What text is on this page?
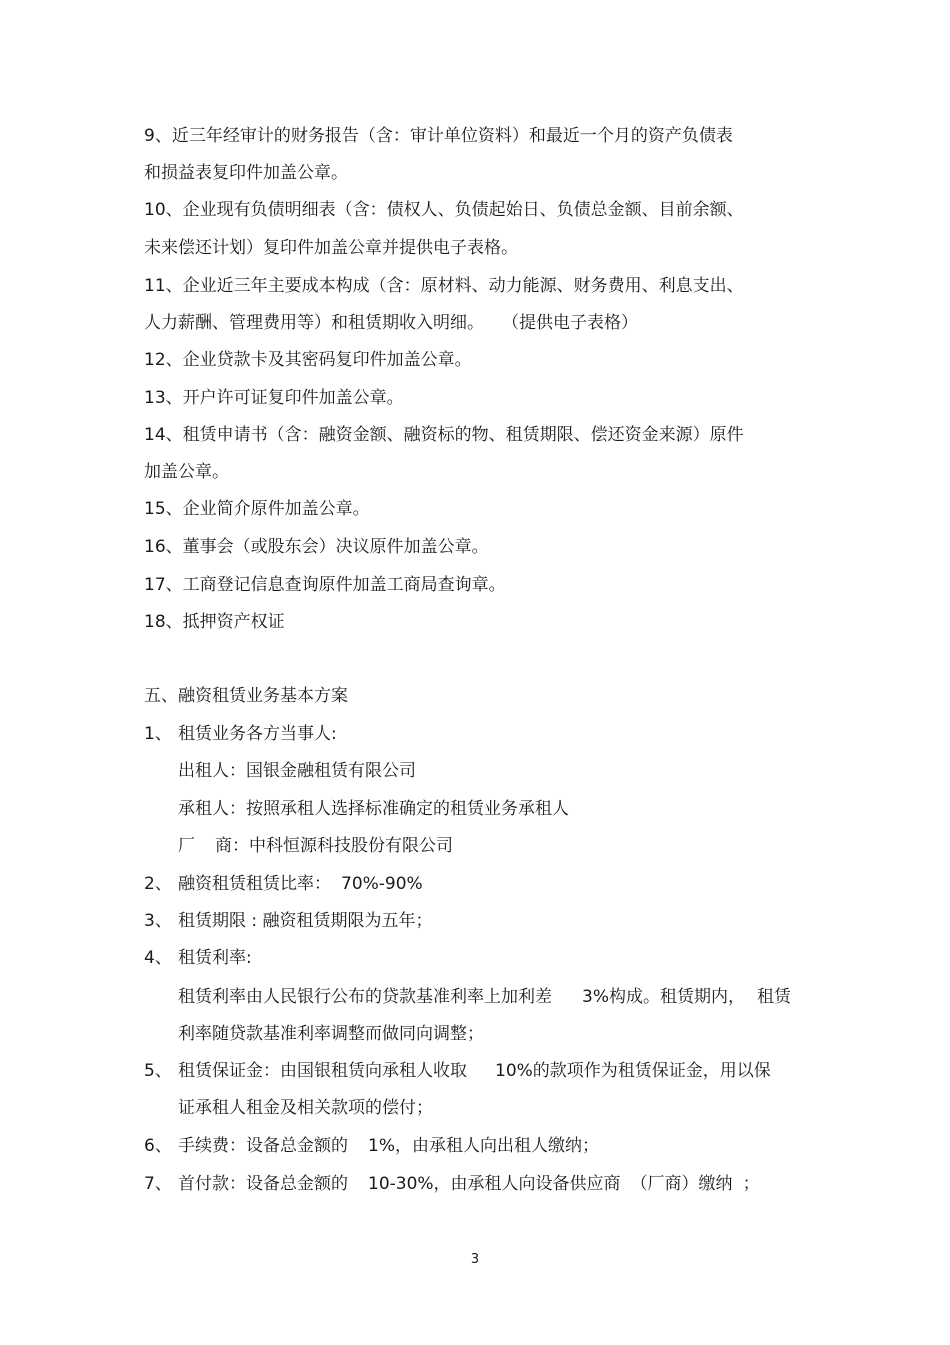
9、近三年经审计的财务报告（含：审计单位资料）和最近一个月的资产负债表
和损益表复印件加盖公章。
10、企业现有负债明细表（含：债权人、负债起始日、负债总金额、目前余额、
未来偿还计划）复印件加盖公章并提供电子表格。
11、企业近三年主要成本构成（含：原材料、动力能源、财务费用、利息支出、
人力薪酬、管理费用等）和租赁期收入明细。 （提供电子表格）
12、企业贷款卡及其密码复印件加盖公章。
13、开户许可证复印件加盖公章。
14、租赁申请书（含：融资金额、融资标的物、租赁期限、偿还资金来源）原件
加盖公章。
15、企业简介原件加盖公章。
16、董事会（或股东会）决议原件加盖公章。
17、工商登记信息查询原件加盖工商局查询章。
18、抵押资产权证
五、融资租赁业务基本方案
1、 租赁业务各方当事人:
出租人：国银金融租赁有限公司
承租人：按照承租人选择标准确定的租赁业务承租人
厂 商：中科恒源科技股份有限公司
2、 融资租赁租赁比率： 70%-90%
3、 租赁期限 : 融资租赁期限为五年；
4、 租赁利率:
租赁利率由人民银行公布的贷款基准利率上加利差 3%构成。租赁期内， 租赁
利率随贷款基准利率调整而做同向调整；
5、 租赁保证金：由国银租赁向承租人收取 10%的款项作为租赁保证金，用以保
证承租人租金及相关款项的偿付；
6、 手续费：设备总金额的 1%，由承租人向出租人缴纳；
7、 首付款：设备总金额的 10-30%，由承租人向设备供应商 （厂商）缴纳 ；
3
